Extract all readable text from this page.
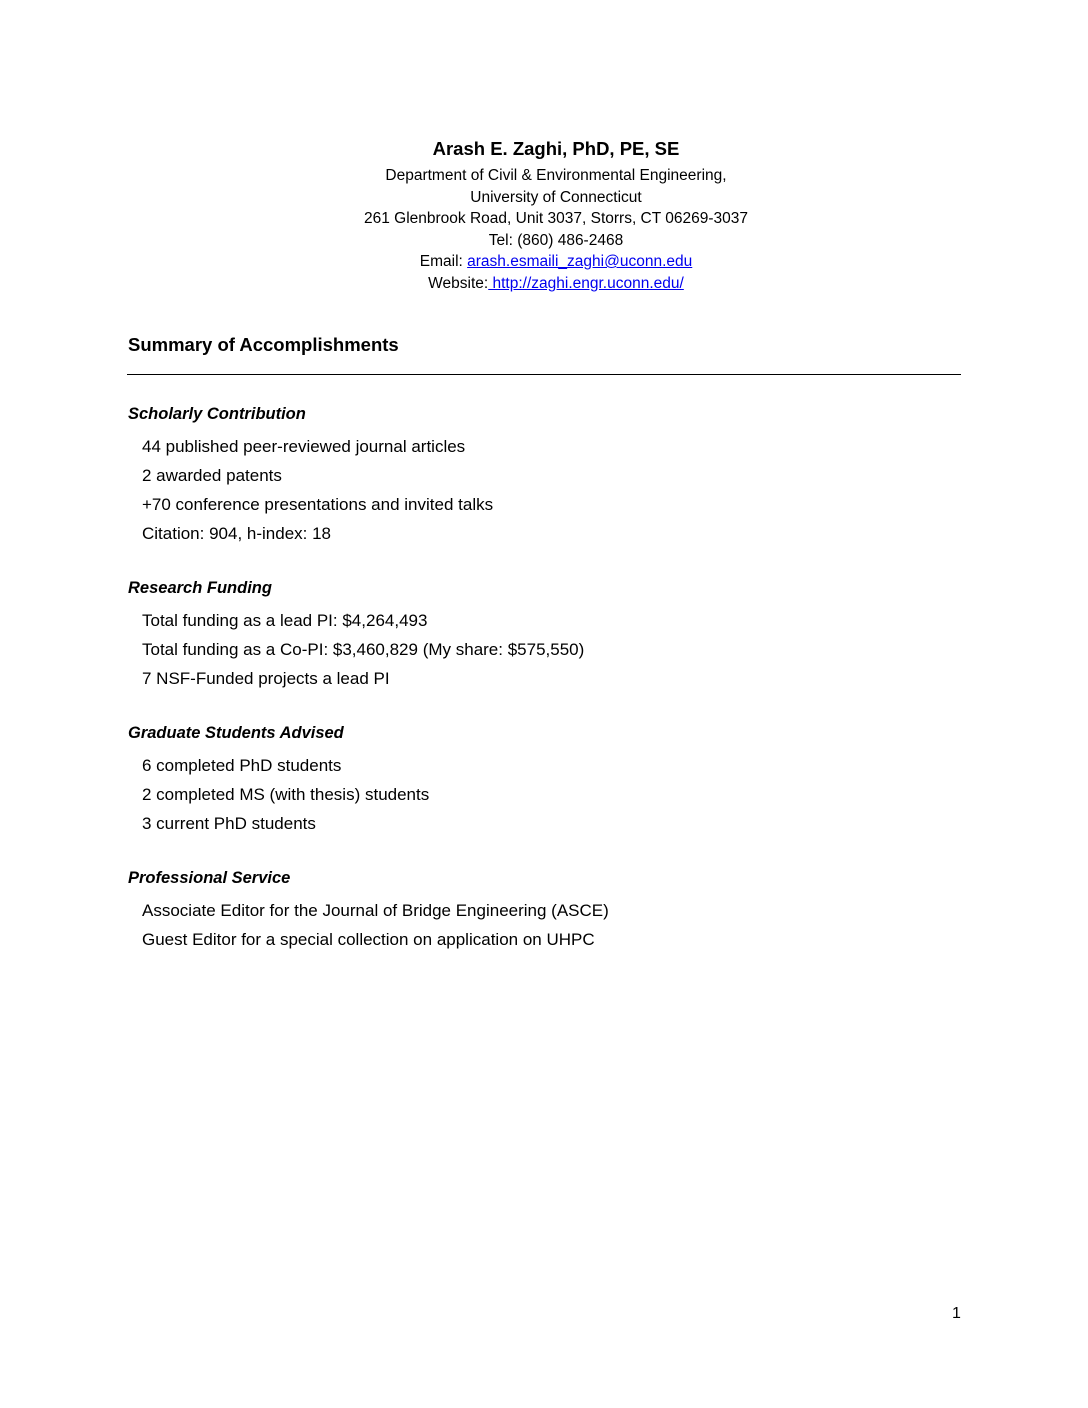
Arash E. Zaghi, PhD, PE, SE
Department of Civil & Environmental Engineering,
University of Connecticut
261 Glenbrook Road, Unit 3037, Storrs, CT 06269-3037
Tel: (860) 486-2468
Email: arash.esmaili_zaghi@uconn.edu
Website: http://zaghi.engr.uconn.edu/
Summary of Accomplishments
Scholarly Contribution
44 published peer-reviewed journal articles
2 awarded patents
+70 conference presentations and invited talks
Citation: 904, h-index: 18
Research Funding
Total funding as a lead PI: $4,264,493
Total funding as a Co-PI: $3,460,829 (My share: $575,550)
7 NSF-Funded projects a lead PI
Graduate Students Advised
6 completed PhD students
2 completed MS (with thesis) students
3 current PhD students
Professional Service
Associate Editor for the Journal of Bridge Engineering (ASCE)
Guest Editor for a special collection on application on UHPC
1
